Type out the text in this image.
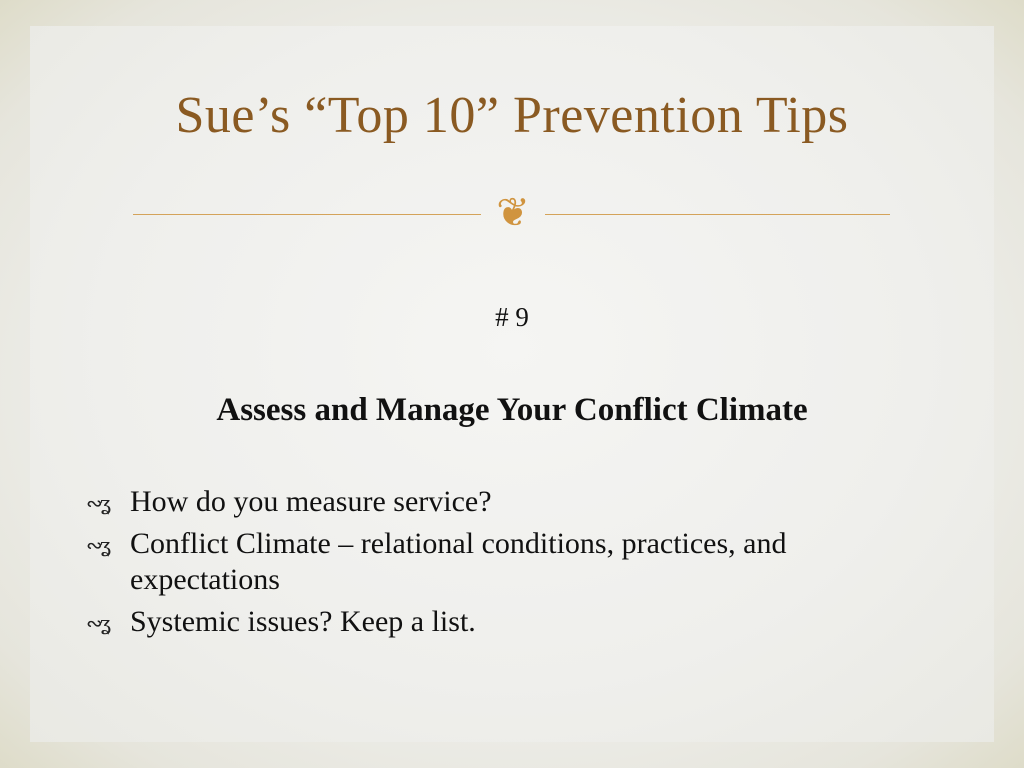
Sue’s “Top 10” Prevention Tips
❦
# 9
Assess and Manage Your Conflict Climate
∾ʓ How do you measure service?
∾ʓ Conflict Climate – relational conditions, practices, and expectations
∾ʓ Systemic issues? Keep a list.
